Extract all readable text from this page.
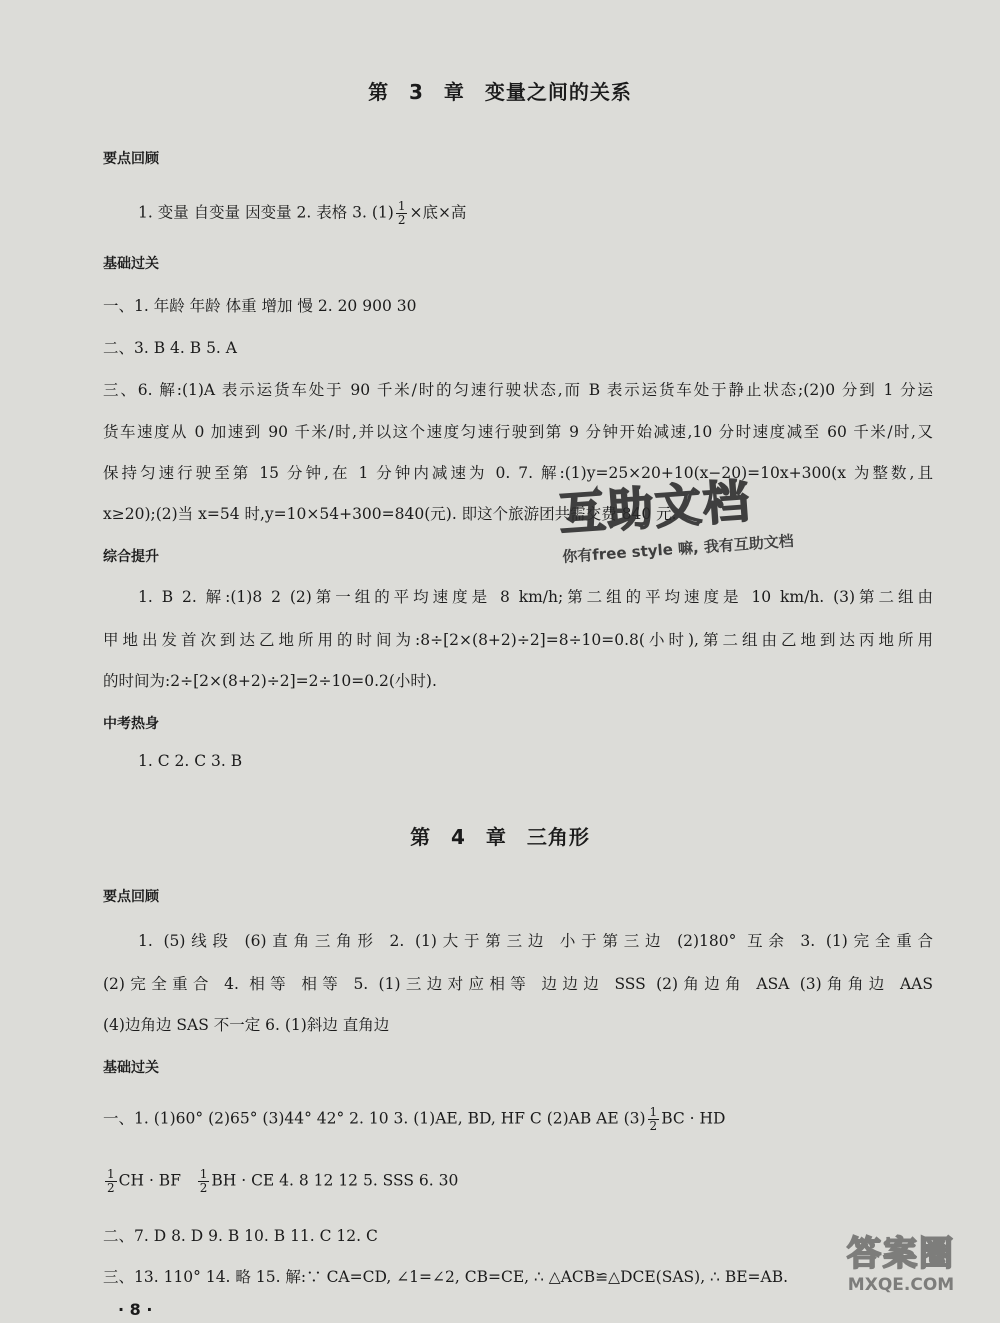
第 3 章 变量之间的关系
要点回顾
1. 变量 自变量 因变量 2. 表格 3. $(1) \frac{1}{2}$ ×底×高
基础过关
一、1. 年龄 年龄 体重 增加 慢 2. 20 900 30
二、3. B 4. B 5. A
三、6. 解:(1)A 表示运货车处于 90 千米/时的匀速行驶状态,而 B 表示运货车处于静止状态;(2)0 分到 1 分运
货车速度从 0 加速到 90 千米/时,并以这个速度匀速行驶到第 9 分钟开始减速,10 分时速度减至 60 千米/时,又
保持匀速行驶至第 15 分钟,在 1 分钟内减速为 0. 7. 解:(1)y=25×20+10(x−20)=10x+300(x 为整数,且
x≥20);(2)当 x=54 时,y=10×54+300=840(元). 即这个旅游团共需交费 840 元.
综合提升
1. B 2. 解:(1)8 2 (2)第一组的平均速度是 8 km/h;第二组的平均速度是 10 km/h. (3)第二组由
甲地出发首次到达乙地所用的时间为:8÷[2×(8+2)÷2]=8÷10=0.8(小时),第二组由乙地到达丙地所用
的时间为:2÷[2×(8+2)÷2]=2÷10=0.2(小时).
中考热身
1. C 2. C 3. B
第 4 章 三角形
要点回顾
1. (5)线段 (6)直角三角形 2. (1)大于第三边 小于第三边 (2)180° 互余 3. (1)完全重合
(2)完全重合 4. 相等 相等 5. (1)三边对应相等 边边边 SSS (2)角边角 ASA (3)角角边 AAS
(4)边角边 SAS 不一定 6. (1)斜边 直角边
基础过关
一、1. (1)60° (2)65° (3)44° 42° 2. 10 3. (1)AE, BD, HF C (2)AB AE $(3) \frac{1}{2}$ BC · HD
$\frac{1}{2}$ CH · BF $\frac{1}{2}$ BH · CE 4. 8 12 12 5. SSS 6. 30
二、7. D 8. D 9. B 10. B 11. C 12. C
三、13. 110° 14. 略 15. 解:∵ CA=CD, ∠1=∠2, CB=CE, ∴ △ACB≌△DCE(SAS), ∴ BE=AB.
· 8 ·
互助文档
你有free style 嘛, 我有互助文档
答案圈
MXQE.COM
